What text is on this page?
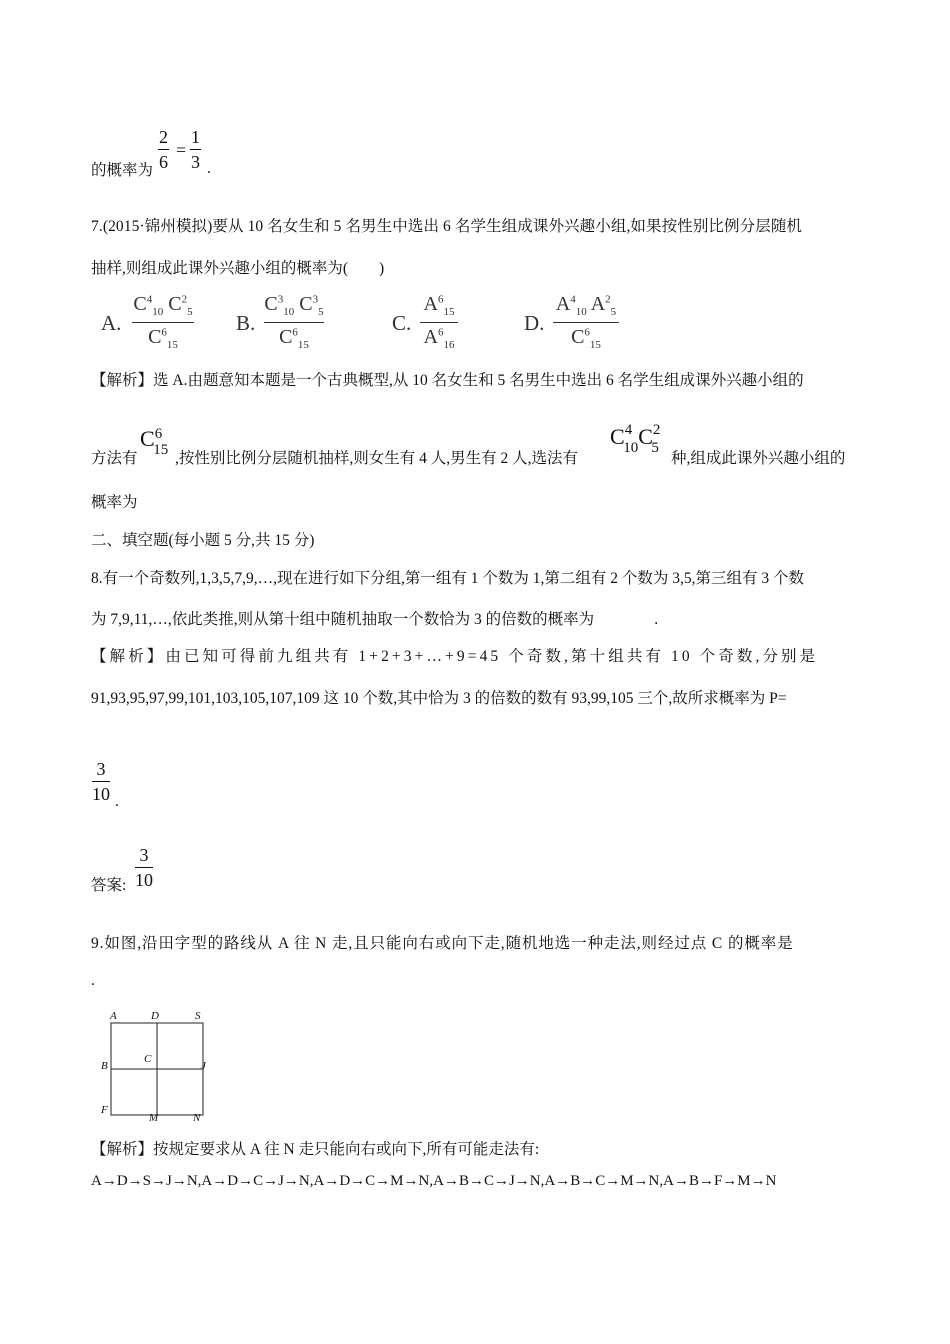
的概率为
2
6
=
1
3 .
7.(2015·锦州模拟)要从 10 名女生和 5 名男生中选出 6 名学生组成课外兴趣小组,如果按性别比例分层随机
抽样,则组成此课外兴趣小组的概率为(　　)
A.
$C^4_{10}$ $C^2_5$
$C^6_{15}$
B.
$C^3_{10}$ $C^3_5$
$C^6_{15}$
C.
$A^6_{15}$
$A^6_{16}$
D.
$A^4_{10}$ $A^2_5$
$C^6_{15}$
【解析】选 A.由题意知本题是一个古典概型,从 10 名女生和 5 名男生中选出 6 名学生组成课外兴趣小组的
方法有
$C^6_{15}$ ,按性别比例分层随机抽样,则女生有 4 人,男生有 2 人,选法有
$C^4_{10}C^2_5$
种,组成此课外兴趣小组的
概率为
二、填空题(每小题 5 分,共 15 分)
8.有一个奇数列,1,3,5,7,9,…,现在进行如下分组,第一组有 1 个数为 1,第二组有 2 个数为 3,5,第三组有 3 个数
为 7,9,11,…,依此类推,则从第十组中随机抽取一个数恰为 3 的倍数的概率为	.
【解析】由已知可得前九组共有 1+2+3+…+9=45 个奇数,第十组共有 10 个奇数,分别是
91,93,95,97,99,101,103,105,107,109 这 10 个数,其中恰为 3 的倍数的数有 93,99,105 三个,故所求概率为 P=
3
10 .
答案:
3
10
9.如图,沿田字型的路线从 A 往 N 走,且只能向右或向下走,随机地选一种走法,则经过点 C 的概率是
.
A	D	S
B
C
J
F
M	N
【解析】按规定要求从 A 往 N 走只能向右或向下,所有可能走法有:
A→D→S→J→N,A→D→C→J→N,A→D→C→M→N,A→B→C→J→N,A→B→C→M→N,A→B→F→M→N
